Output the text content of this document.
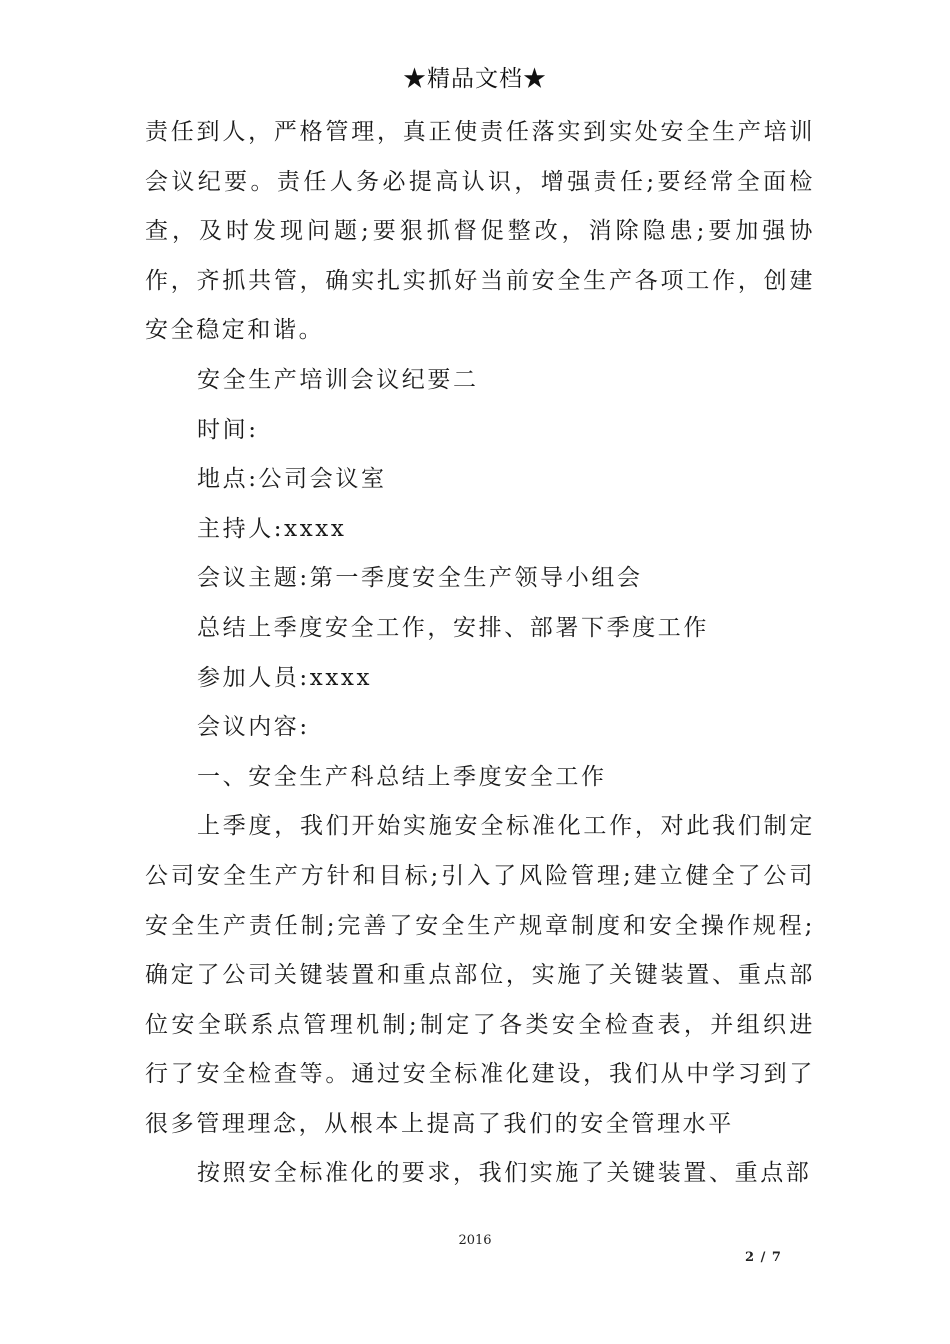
★精品文档★

责任到人，严格管理，真正使责任落实到实处安全生产培训会议纪要。责任人务必提高认识，增强责任;要经常全面检查，及时发现问题;要狠抓督促整改，消除隐患;要加强协作，齐抓共管，确实扎实抓好当前安全生产各项工作，创建安全稳定和谐。

安全生产培训会议纪要二

时间:

地点:公司会议室

主持人:xxxx

会议主题:第一季度安全生产领导小组会

总结上季度安全工作，安排、部署下季度工作

参加人员:xxxx

会议内容:

一、安全生产科总结上季度安全工作

上季度，我们开始实施安全标准化工作，对此我们制定公司安全生产方针和目标;引入了风险管理;建立健全了公司安全生产责任制;完善了安全生产规章制度和安全操作规程;确定了公司关键装置和重点部位，实施了关键装置、重点部位安全联系点管理机制;制定了各类安全检查表，并组织进行了安全检查等。通过安全标准化建设，我们从中学习到了很多管理理念，从根本上提高了我们的安全管理水平

按照安全标准化的要求，我们实施了关键装置、重点部

2016
2 / 7
